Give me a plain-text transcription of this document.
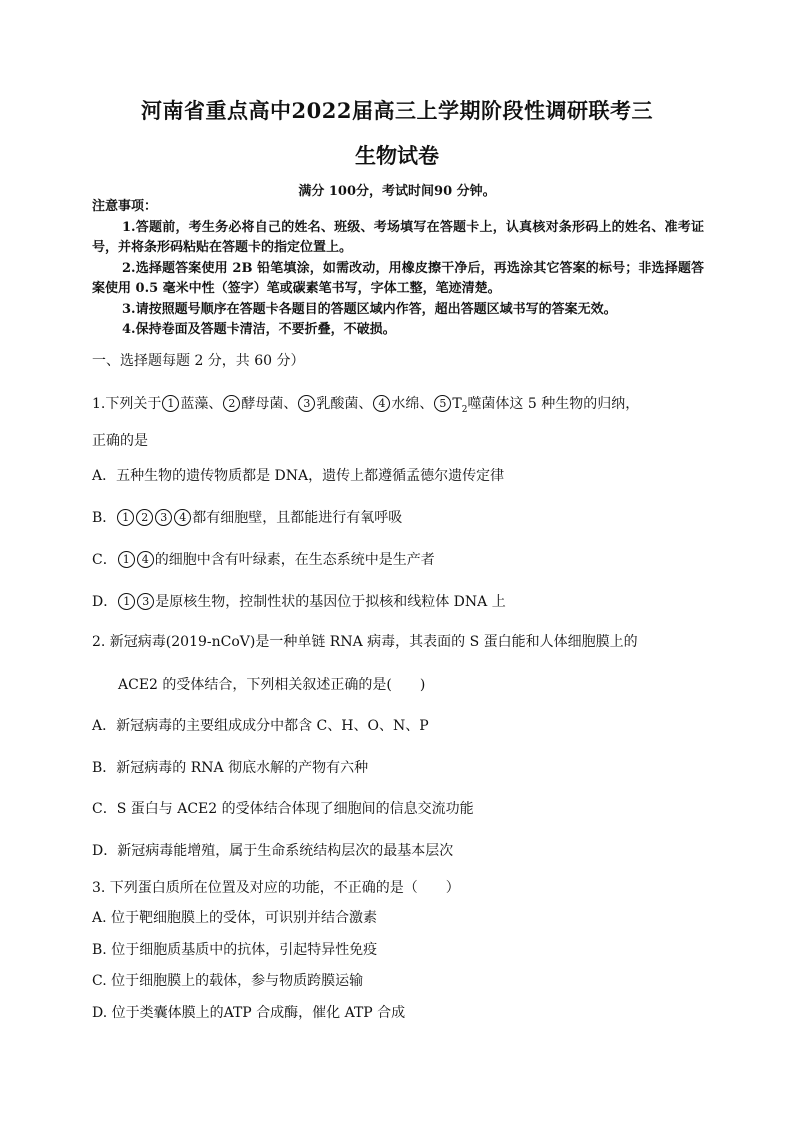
河南省重点高中2022届高三上学期阶段性调研联考三
生物试卷
满分 100分，考试时间90 分钟。
注意事项：
1.答题前，考生务必将自己的姓名、班级、考场填写在答题卡上，认真核对条形码上的姓名、准考证号，并将条形码粘贴在答题卡的指定位置上。
2.选择题答案使用 2B 铅笔填涂，如需改动，用橡皮擦干净后，再选涂其它答案的标号；非选择题答案使用 0.5 毫米中性（签字）笔或碳素笔书写，字体工整，笔迹清楚。
3.请按照题号顺序在答题卡各题目的答题区域内作答，超出答题区域书写的答案无效。
4.保持卷面及答题卡清洁，不要折叠，不破损。
一、选择题每题 2 分，共 60 分）
1.下列关于 1 蓝藻、 2 酵母菌、 3 乳酸菌、 4 水绵、 5 $T_2$噬菌体这 5 种生物的归纳，
正确的是
A．五种生物的遗传物质都是 DNA，遗传上都遵循孟德尔遗传定律
B． 1 2 3 4 都有细胞壁，且都能进行有氧呼吸
C． 1 4 的细胞中含有叶绿素，在生态系统中是生产者
D． 1 3 是原核生物，控制性状的基因位于拟核和线粒体 DNA 上
2. 新冠病毒(2019-nCoV)是一种单链 RNA 病毒，其表面的 S 蛋白能和人体细胞膜上的
ACE2 的受体结合，下列相关叙述正确的是(　　)
A．新冠病毒的主要组成成分中都含 C、H、O、N、P
B．新冠病毒的 RNA 彻底水解的产物有六种
C．S 蛋白与 ACE2 的受体结合体现了细胞间的信息交流功能
D．新冠病毒能增殖，属于生命系统结构层次的最基本层次
3. 下列蛋白质所在位置及对应的功能，不正确的是（　　）
A. 位于靶细胞膜上的受体，可识别并结合激素
B. 位于细胞质基质中的抗体，引起特异性免疫
C. 位于细胞膜上的载体，参与物质跨膜运输
D. 位于类囊体膜上的ATP 合成酶，催化 ATP 合成
